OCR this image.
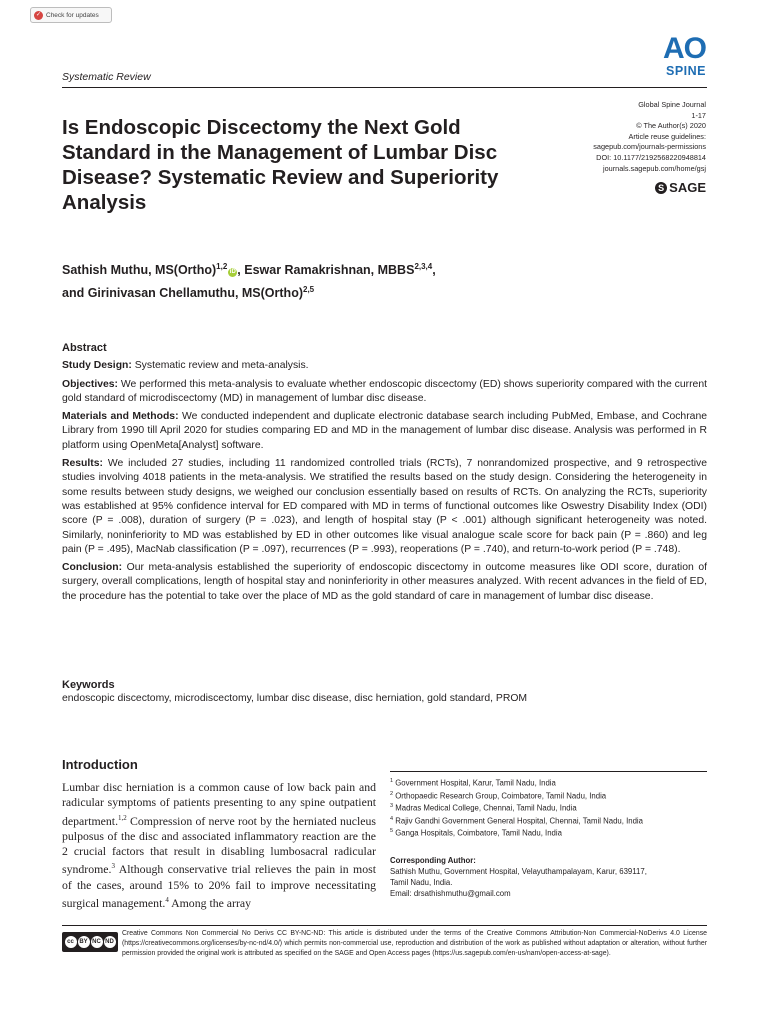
✓ Check for updates
Systematic Review
AO
SPINE
Global Spine Journal
1-17
© The Author(s) 2020
Article reuse guidelines:
sagepub.com/journals-permissions
DOI: 10.1177/2192568220948814
journals.sagepub.com/home/gsj
S SAGE
Is Endoscopic Discectomy the Next Gold Standard in the Management of Lumbar Disc Disease? Systematic Review and Superiority Analysis
Sathish Muthu, MS(Ortho)$^{1,2}$iD , Eswar Ramakrishnan, MBBS$^{2,3,4}$,
and Girinivasan Chellamuthu, MS(Ortho)$^{2,5}$
Abstract

Study Design: Systematic review and meta-analysis.

Objectives: We performed this meta-analysis to evaluate whether endoscopic discectomy (ED) shows superiority compared with the current gold standard of microdiscectomy (MD) in management of lumbar disc disease.

Materials and Methods: We conducted independent and duplicate electronic database search including PubMed, Embase, and Cochrane Library from 1990 till April 2020 for studies comparing ED and MD in the management of lumbar disc disease. Analysis was performed in R platform using OpenMeta[Analyst] software.

Results: We included 27 studies, including 11 randomized controlled trials (RCTs), 7 nonrandomized prospective, and 9 retrospective studies involving 4018 patients in the meta-analysis. We stratified the results based on the study design. Considering the heterogeneity in some results between study designs, we weighed our conclusion essentially based on results of RCTs. On analyzing the RCTs, superiority was established at 95% confidence interval for ED compared with MD in terms of functional outcomes like Oswestry Disability Index (ODI) score (P = .008), duration of surgery (P = .023), and length of hospital stay (P < .001) although significant heterogeneity was noted. Similarly, noninferiority to MD was established by ED in other outcomes like visual analogue scale score for back pain (P = .860) and leg pain (P = .495), MacNab classification (P = .097), recurrences (P = .993), reoperations (P = .740), and return-to-work period (P = .748).

Conclusion: Our meta-analysis established the superiority of endoscopic discectomy in outcome measures like ODI score, duration of surgery, overall complications, length of hospital stay and noninferiority in other measures analyzed. With recent advances in the field of ED, the procedure has the potential to take over the place of MD as the gold standard of care in management of lumbar disc disease.

Keywords
endoscopic discectomy, microdiscectomy, lumbar disc disease, disc herniation, gold standard, PROM
Introduction

Lumbar disc herniation is a common cause of low back pain and radicular symptoms of patients presenting to any spine outpatient department.$^{1,2}$ Compression of nerve root by the herniated nucleus pulposus of the disc and associated inflammatory reaction are the 2 crucial factors that result in disabling lumbosacral radicular syndrome.$^3$ Although conservative trial relieves the pain in most of the cases, around 15% to 20% fail to improve necessitating surgical management.$^4$ Among the array

$^1$ Government Hospital, Karur, Tamil Nadu, India
$^2$ Orthopaedic Research Group, Coimbatore, Tamil Nadu, India
$^3$ Madras Medical College, Chennai, Tamil Nadu, India
$^4$ Rajiv Gandhi Government General Hospital, Chennai, Tamil Nadu, India
$^5$ Ganga Hospitals, Coimbatore, Tamil Nadu, India
Corresponding Author:
Sathish Muthu, Government Hospital, Velayuthampalayam, Karur, 639117,
Tamil Nadu, India.
Email: drsathishmuthu@gmail.com
cc BY NC ND
Creative Commons Non Commercial No Derivs CC BY-NC-ND: This article is distributed under the terms of the Creative Commons Attribution-Non Commercial-NoDerivs 4.0 License (https://creativecommons.org/licenses/by-nc-nd/4.0/) which permits non-commercial use, reproduction and distribution of the work as published without adaptation or alteration, without further permission provided the original work is attributed as specified on the SAGE and Open Access pages (https://us.sagepub.com/en-us/nam/open-access-at-sage).
